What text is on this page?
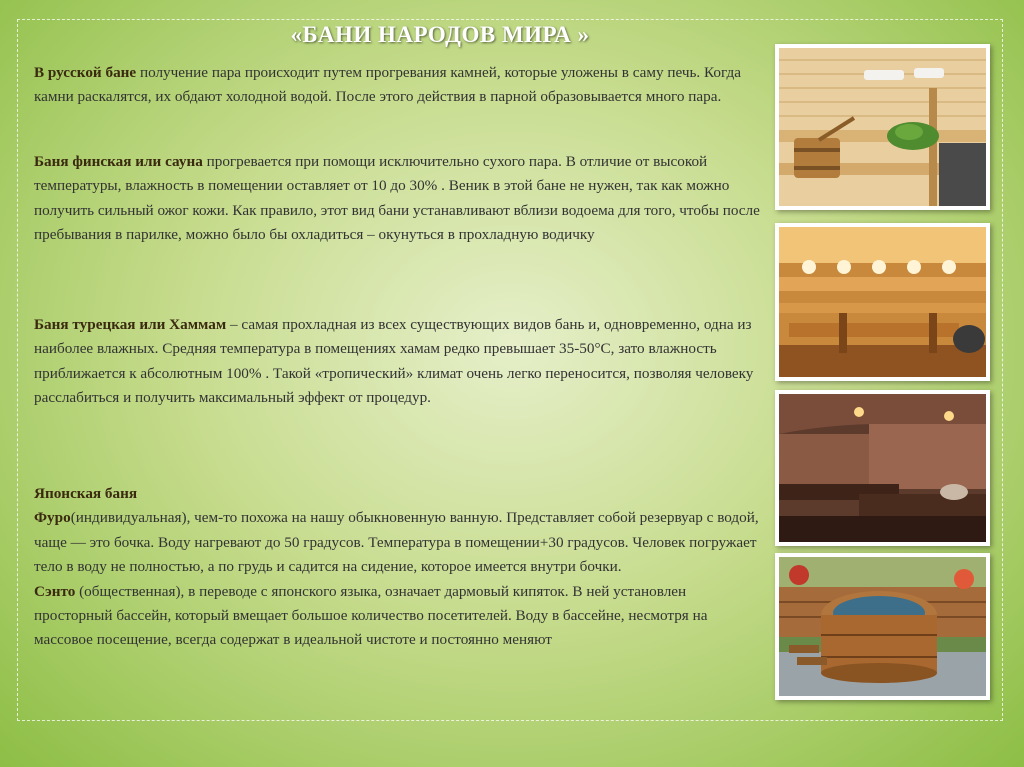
«БАНИ НАРОДОВ МИРА »

В русской бане получение пара происходит путем прогревания камней, которые уложены в саму печь. Когда камни раскалятся, их обдают холодной водой. После этого действия в парной образовывается много пара.

Баня финская или сауна прогревается при помощи исключительно сухого пара. В отличие от высокой температуры, влажность в помещении оставляет от 10 до 30% . Веник в этой бане не нужен, так как можно получить сильный ожог кожи. Как правило, этот вид бани устанавливают вблизи водоема для того, чтобы после пребывания в парилке, можно было бы охладиться – окунуться в прохладную водичку

Баня турецкая или Хаммам – самая прохладная из всех существующих видов бань и, одновременно, одна из наиболее влажных. Средняя температура в помещениях хамам редко превышает 35-50°С, зато влажность приближается к абсолютным 100% . Такой «тропический» климат очень легко переносится, позволяя человеку расслабиться и получить максимальный эффект от процедур.

Японская баня

Фуро(индивидуальная), чем-то похожа на нашу обыкновенную ванную. Представляет собой резервуар с водой, чаще — это бочка. Воду нагревают до 50 градусов. Температура в помещении+30 градусов. Человек погружает тело в воду не полностью, а по грудь и садится на сидение, которое имеется внутри бочки.

Сэнто (общественная), в переводе с японского языка, означает дармовый кипяток. В ней установлен просторный бассейн, который вмещает большое количество посетителей. Воду в бассейне, несмотря на массовое посещение, всегда содержат в идеальной чистоте и постоянно меняют
